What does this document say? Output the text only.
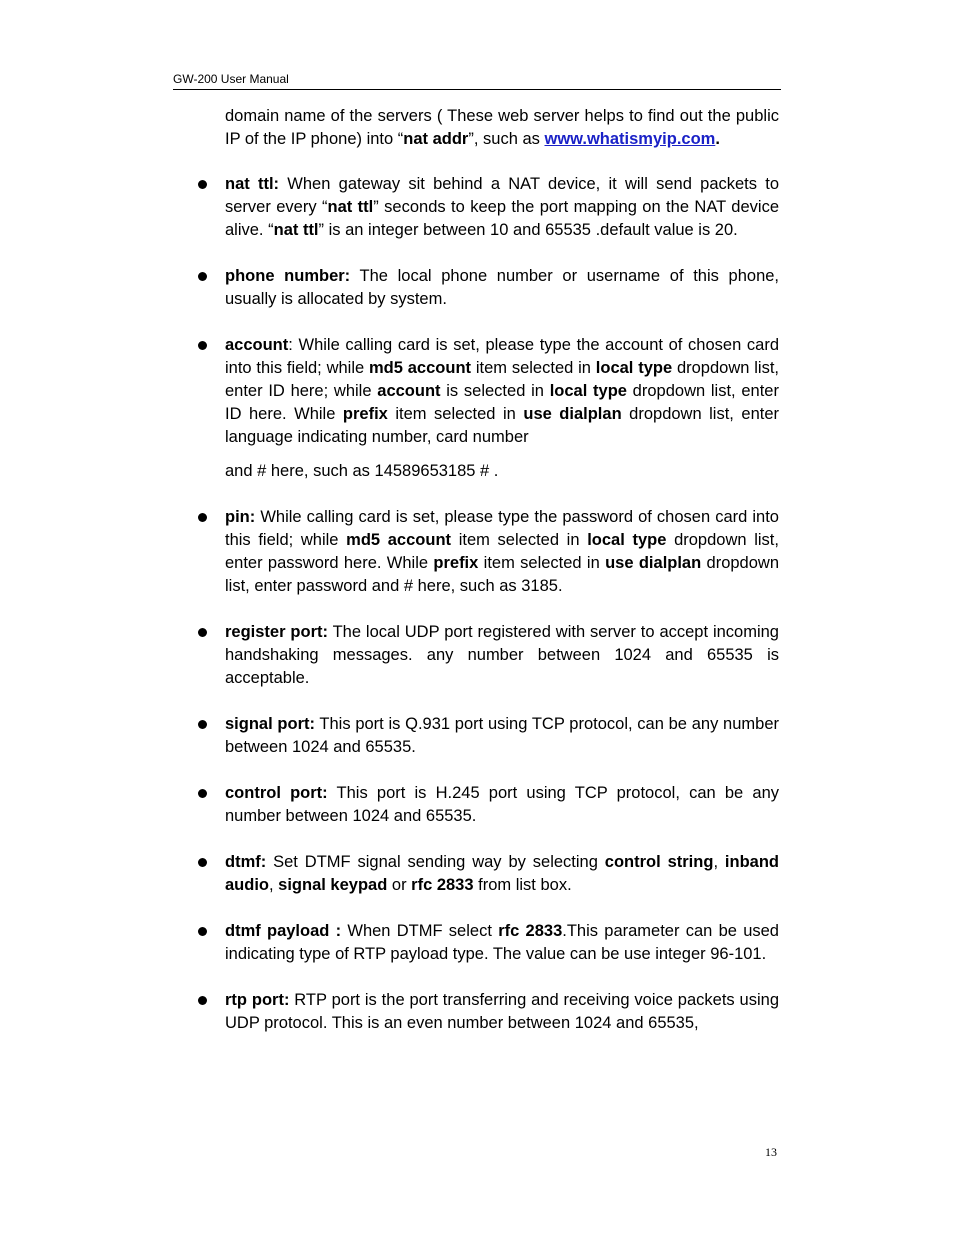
GW-200 User Manual

domain name of the servers ( These web server helps to find out the public IP of the IP phone) into “nat addr”, such as www.whatismyip.com.

nat ttl: When gateway sit behind a NAT device, it will send packets to server every “nat ttl” seconds to keep the port mapping on the NAT device alive. “nat ttl” is an integer between 10 and 65535 .default value is 20.

phone number: The local phone number or username of this phone, usually is allocated by system.

account: While calling card is set, please type the account of chosen card into this field; while md5 account item selected in local type dropdown list, enter ID here; while account is selected in local type dropdown list, enter ID here. While prefix item selected in use dialplan dropdown list, enter language indicating number, card number

and # here, such as 14589653185 # .

pin: While calling card is set, please type the password of chosen card into this field; while md5 account item selected in local type dropdown list, enter password here. While prefix item selected in use dialplan dropdown list, enter password and # here, such as 3185.

register port: The local UDP port registered with server to accept incoming handshaking messages. any number between 1024 and 65535 is acceptable.

signal port: This port is Q.931 port using TCP protocol, can be any number between 1024 and 65535.

control port: This port is H.245 port using TCP protocol, can be any number between 1024 and 65535.

dtmf: Set DTMF signal sending way by selecting control string, inband audio, signal keypad or rfc 2833 from list box.

dtmf payload : When DTMF select rfc 2833.This parameter can be used indicating type of RTP payload type. The value can be use integer 96-101.

rtp port: RTP port is the port transferring and receiving voice packets using UDP protocol. This is an even number between 1024 and 65535,

13
